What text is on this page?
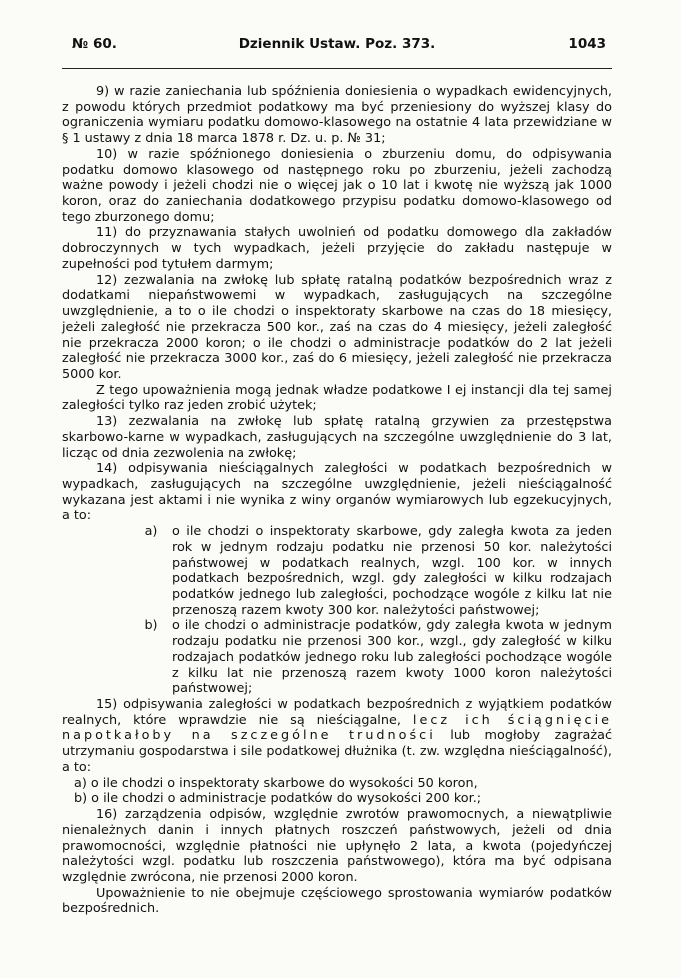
№ 60.	Dziennik Ustaw. Poz. 373.	1043

9) w razie zaniechania lub spóźnienia doniesienia o wypadkach ewidencyjnych, z powodu których przedmiot podatkowy ma być przeniesiony do wyższej klasy do ograniczenia wymiaru podatku domowo-klasowego na ostatnie 4 lata przewidziane w § 1 ustawy z dnia 18 marca 1878 r. Dz. u. p. № 31;

10) w razie spóźnionego doniesienia o zburzeniu domu, do odpisywania podatku domowo klasowego od następnego roku po zburzeniu, jeżeli zachodzą ważne powody i jeżeli chodzi nie o więcej jak o 10 lat i kwotę nie wyższą jak 1000 koron, oraz do zaniechania dodatkowego przypisu podatku domowo-klasowego od tego zburzonego domu;

11) do przyznawania stałych uwolnień od podatku domowego dla zakładów dobroczynnych w tych wypadkach, jeżeli przyjęcie do zakładu następuje w zupełności pod tytułem darmym;

12) zezwalania na zwłokę lub spłatę ratalną podatków bezpośrednich wraz z dodatkami niepaństwowemi w wypadkach, zasługujących na szczególne uwzględnienie, a to o ile chodzi o inspektoraty skarbowe na czas do 18 miesięcy, jeżeli zaległość nie przekracza 500 kor., zaś na czas do 4 miesięcy, jeżeli zaległość nie przekracza 2000 koron; o ile chodzi o administracje podatków do 2 lat jeżeli zaległość nie przekracza 3000 kor., zaś do 6 miesięcy, jeżeli zaległość nie przekracza 5000 kor.

Z tego upoważnienia mogą jednak władze podatkowe I ej instancji dla tej samej zaległości tylko raz jeden zrobić użytek;

13) zezwalania na zwłokę lub spłatę ratalną grzywien za przestępstwa skarbowo-karne w wypadkach, zasługujących na szczególne uwzględnienie do 3 lat, licząc od dnia zezwolenia na zwłokę;

14) odpisywania nieściągalnych zaległości w podatkach bezpośrednich w wypadkach, zasługujących na szczególne uwzględnienie, jeżeli nieściągalność wykazana jest aktami i nie wynika z winy organów wymiarowych lub egzekucyjnych, a to:

a)	o ile chodzi o inspektoraty skarbowe, gdy zaległa kwota za jeden rok w jednym rodzaju podatku nie przenosi 50 kor. należytości państwowej w podatkach realnych, wzgl. 100 kor. w innych podatkach bezpośrednich, wzgl. gdy zaległości w kilku rodzajach podatków jednego lub zaległości, pochodzące wogóle z kilku lat nie przenoszą razem kwoty 300 kor. należytości państwowej;
b)	o ile chodzi o administracje podatków, gdy zaległa kwota w jednym rodzaju podatku nie przenosi 300 kor., wzgl., gdy zaległość w kilku rodzajach podatków jednego roku lub zaległości pochodzące wogóle z kilku lat nie przenoszą razem kwoty 1000 koron należytości państwowej;

15) odpisywania zaległości w podatkach bezpośrednich z wyjątkiem podatków realnych, które wprawdzie nie są nieściągalne, lecz ich ściągnięcie napotkałoby na szczególne trudności lub mogłoby zagrażać utrzymaniu gospodarstwa i sile podatkowej dłużnika (t. zw. względna nieściągalność), a to:

a) o ile chodzi o inspektoraty skarbowe do wysokości 50 koron,
b) o ile chodzi o administracje podatków do wysokości 200 kor.;

16) zarządzenia odpisów, względnie zwrotów prawomocnych, a niewątpliwie nienależnych danin i innych płatnych roszczeń państwowych, jeżeli od dnia prawomocności, względnie płatności nie upłynęło 2 lata, a kwota (pojedyńczej należytości wzgl. podatku lub roszczenia państwowego), która ma być odpisana względnie zwrócona, nie przenosi 2000 koron.

Upoważnienie to nie obejmuje częściowego sprostowania wymiarów podatków bezpośrednich.
